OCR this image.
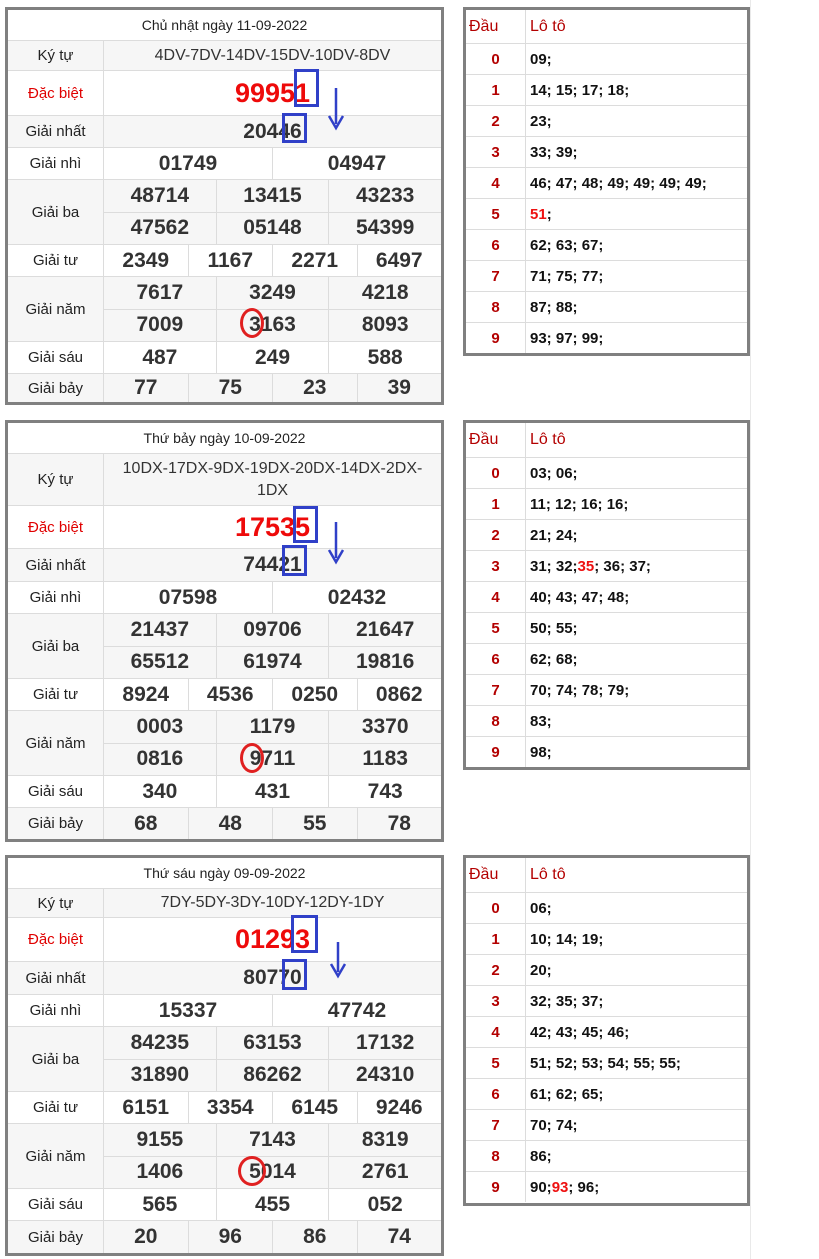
Chủ nhật ngày 11-09-2022
Ký tự	4DV-7DV-14DV-15DV-10DV-8DV
Đặc biệt	99951
Giải nhất	20446
Giải nhì	01749	04947
Giải ba
48714	13415	43233
47562	05148	54399
Giải tư	2349	1167	2271	6497
Giải năm
7617	3249	4218
7009	3163	8093
Giải sáu	487	249	588
Giải bảy	77	75	23	39
Đầu	Lô tô
0	09;
1	14; 15; 17; 18;
2	23;
3	33; 39;
4	46; 47; 48; 49; 49; 49; 49;
5	51 ;
6	62; 63; 67;
7	71; 75; 77;
8	87; 88;
9	93; 97; 99;
Thứ bảy ngày 10-09-2022
Ký tự
10DX-17DX-9DX-19DX-20DX-14DX-2DX-1DX
Đặc biệt	17535
Giải nhất	74421
Giải nhì	07598	02432
Giải ba
21437	09706	21647
65512	61974	19816
Giải tư	8924	4536	0250	0862
Giải năm
0003	1179	3370
0816	9711	1183
Giải sáu	340	431	743
Giải bảy	68	48	55	78
Đầu	Lô tô
0	03; 06;
1	11; 12; 16; 16;
2	21; 24;
3	31; 32; 35 ; 36; 37;
4	40; 43; 47; 48;
5	50; 55;
6	62; 68;
7	70; 74; 78; 79;
8	83;
9	98;
Thứ sáu ngày 09-09-2022
Ký tự	7DY-5DY-3DY-10DY-12DY-1DY
Đặc biệt	01293
Giải nhất	80770
Giải nhì	15337	47742
Giải ba
84235	63153	17132
31890	86262	24310
Giải tư	6151	3354	6145	9246
Giải năm
9155	7143	8319
1406	5014	2761
Giải sáu	565	455	052
Giải bảy	20	96	86	74
Đầu	Lô tô
0	06;
1	10; 14; 19;
2	20;
3	32; 35; 37;
4	42; 43; 45; 46;
5	51; 52; 53; 54; 55; 55;
6	61; 62; 65;
7	70; 74;
8	86;
9	90; 93 ; 96;
